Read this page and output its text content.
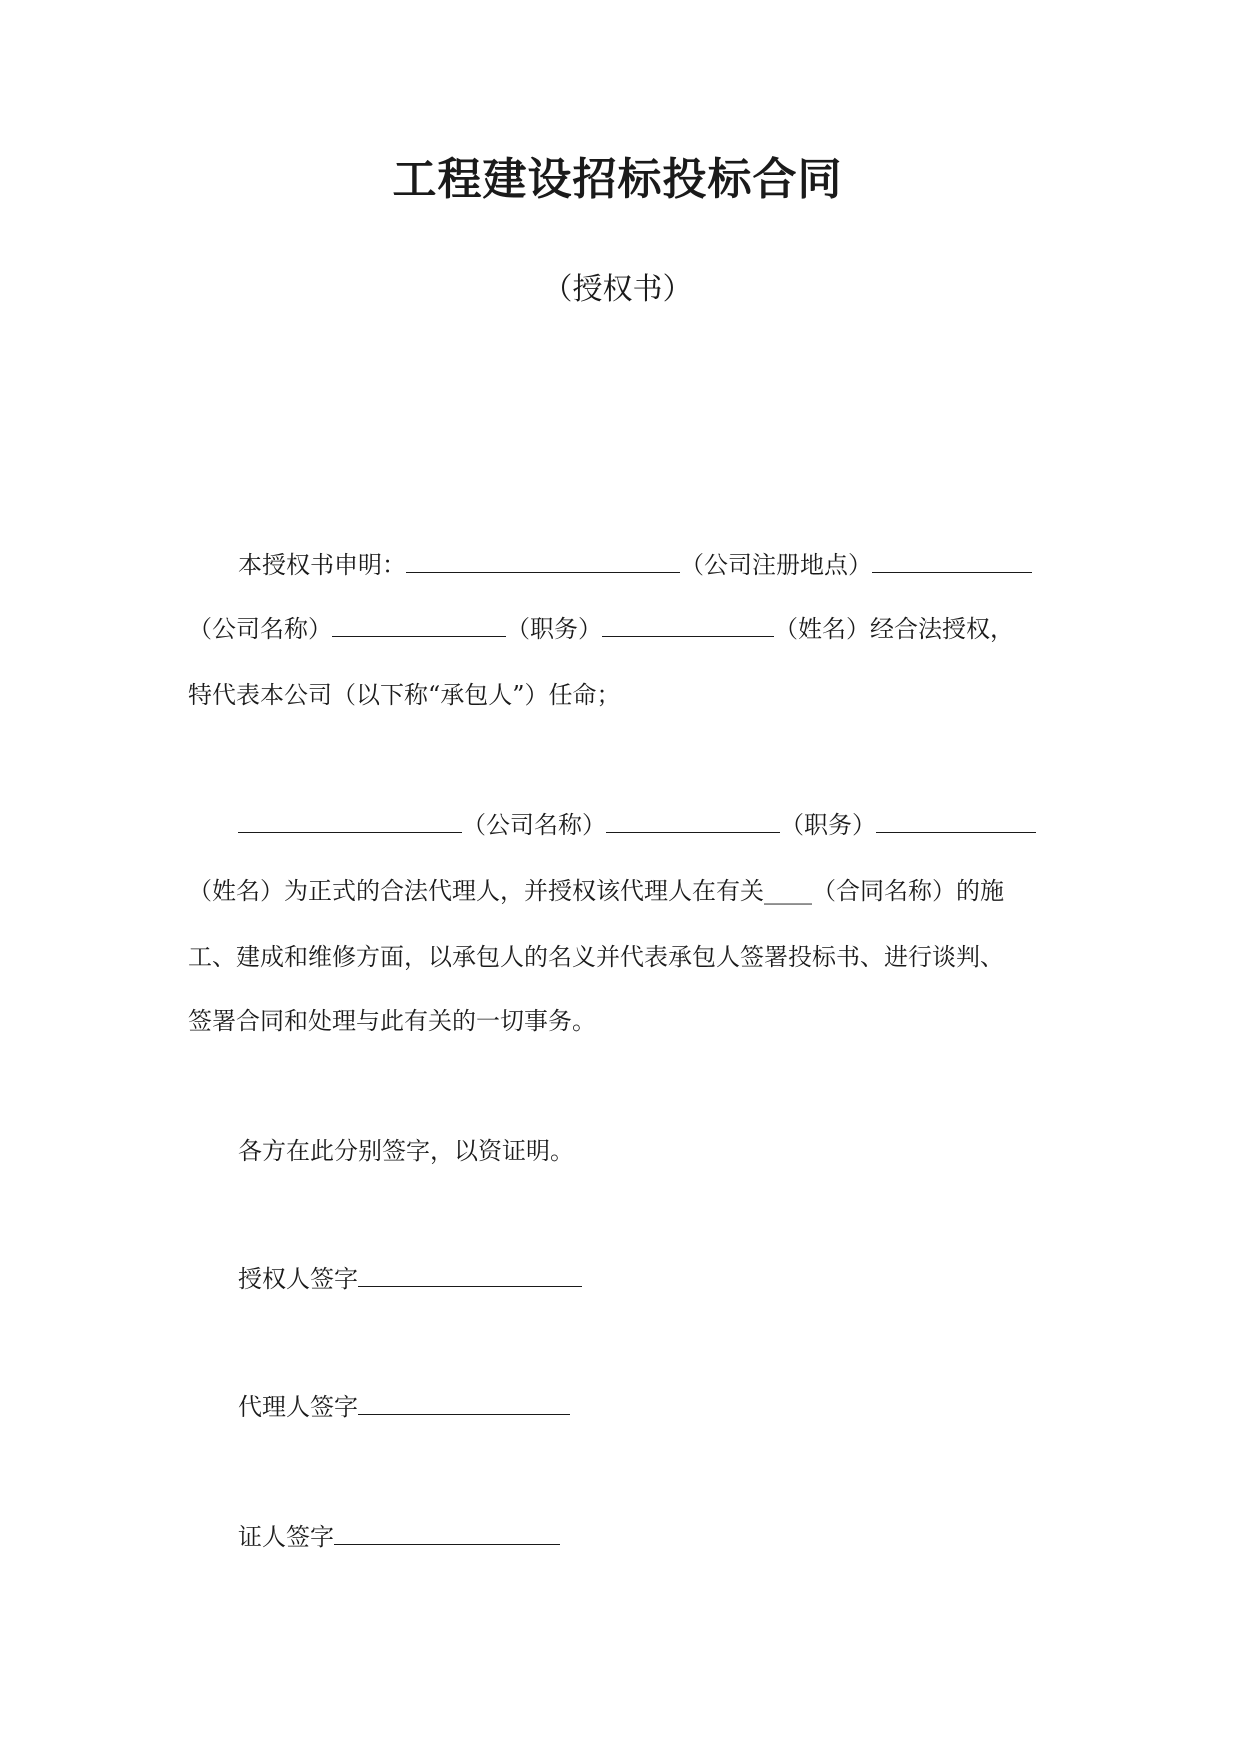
工程建设招标投标合同
（授权书）
本授权书申明：	（公司注册地点）
（公司名称）	（职务）	（姓名）经合法授权，
特代表本公司（以下称“承包人”）任命；
（公司名称）	（职务）
（姓名）为正式的合法代理人，并授权该代理人在有关____（合同名称）的施
工、建成和维修方面，以承包人的名义并代表承包人签署投标书、进行谈判、
签署合同和处理与此有关的一切事务。
各方在此分别签字，以资证明。
授权人签字
代理人签字
证人签字
